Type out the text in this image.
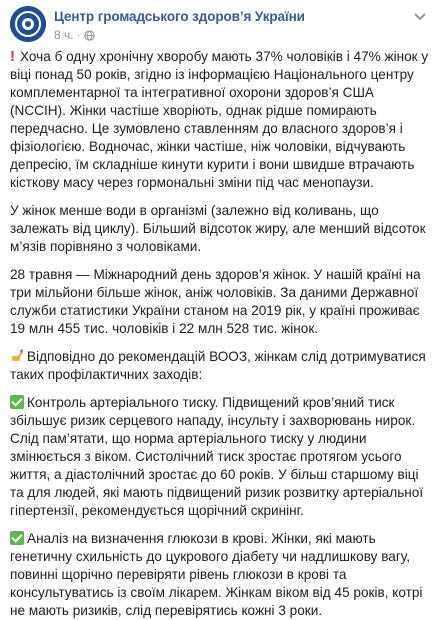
Центр громадського здоров’я України
8 ч. ·

! Хоча б одну хронічну хворобу мають 37% чоловіків і 47% жінок у віці понад 50 років, згідно із інформацією Національного центру комплементарної та інтегративної охорони здоров’я США (NCCIH). Жінки частіше хворіють, однак рідше помирають передчасно. Це зумовлено ставленням до власного здоров’я і фізіологією. Водночас, жінки частіше, ніж чоловіки, відчувають депресію, їм складніше кинути курити і вони швидше втрачають кісткову масу через гормональні зміни під час менопаузи.

У жінок менше води в організмі (залежно від коливань, що залежать від циклу). Більший відсоток жиру, але менший відсоток м’язів порівняно з чоловіками.

28 травня — Міжнародний день здоров’я жінок. У нашій країні на три мільйони більше жінок, аніж чоловіків. За даними Державної служби статистики України станом на 2019 рік, у країні проживає 19 млн 455 тис. чоловіків і 22 млн 528 тис. жінок.

Відповідно до рекомендацій ВООЗ, жінкам слід дотримуватися таких профілактичних заходів:

Контроль артеріального тиску. Підвищений кров’яний тиск збільшує ризик серцевого нападу, інсульту і захворювань нирок. Слід пам’ятати, що норма артеріального тиску у людини змінюється з віком. Систолічний тиск зростає протягом усього життя, а діастолічний зростає до 60 років. У більш старшому віці та для людей, які мають підвищений ризик розвитку артеріальної гіпертензії, рекомендується щорічний скринінг.

Аналіз на визначення глюкози в крові. Жінки, які мають генетичну схильність до цукрового діабету чи надлишкову вагу, повинні щорічно перевіряти рівень глюкози в крові та консультуватись із своїм лікарем. Жінкам віком від 45 років, котрі не мають ризиків, слід перевірятись кожні 3 роки.
